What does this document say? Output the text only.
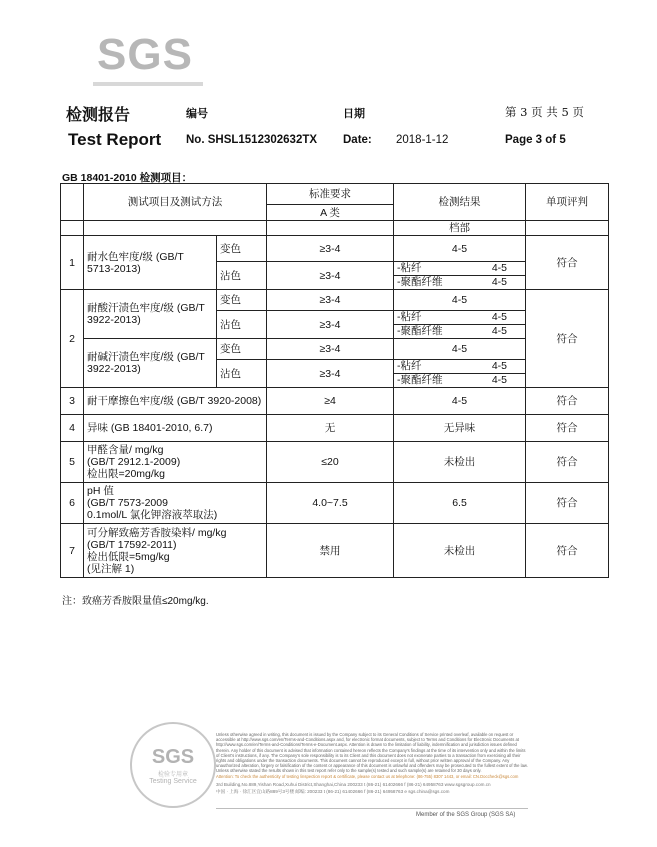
SGS
检测报告	编号	日期	第 3 页 共 5 页
Test Report No. SHSL1512302632TX Date: 2018-1-12	Page 3 of 5
GB 18401-2010 检测项目：
	测试项目及测试方法		标准要求	检测结果	单项评判
			A 类		
				档部	
1	耐水色牢度/级 (GB/T 5713-2013)	变色	≥3-4	4-5	符合
		沾色	≥3-4	-粘纤 4-5
-聚酯纤维 4-5	

2	耐酸汗渍色牢度/级 (GB/T 3922-2013)	变色	≥3-4	4-5	符合
		沾色	≥3-4	-粘纤 4-5
-聚酯纤维 4-5	

	耐碱汗渍色牢度/级 (GB/T 3922-2013)	变色	≥3-4	4-5	
		沾色	≥3-4	-粘纤 4-5
-聚酯纤维 4-5	

3	耐干摩擦色牢度/级 (GB/T 3920-2008)		≥4	4-5	符合
4	异味 (GB 18401-2010, 6.7)		无	无异味	符合
5	甲醛含量/ mg/kg
(GB/T 2912.1-2009)
检出限=20mg/kg		≤20	未检出	符合
6	pH 值
(GB/T 7573-2009
0.1mol/L 氯化钾溶液萃取法)		4.0~7.5	6.5	符合
7	可分解致癌芳香胺染料/ mg/kg
(GB/T 17592-2011)
检出低限=5mg/kg
(见注解 1)		禁用	未检出	符合
注：致癌芳香胺限量值≤20mg/kg.
SGS
检验专用章
Testing Service
Unless otherwise agreed in writing, this document is issued by the Company subject to its General Conditions of Service printed overleaf, available on request or accessible at http://www.sgs.com/en/Terms-and-Conditions.aspx and, for electronic format documents, subject to Terms and Conditions for Electronic Documents at http://www.sgs.com/en/Terms-and-Conditions/Terms-e-Document.aspx. Attention is drawn to the limitation of liability, indemnification and jurisdiction issues defined therein. Any holder of this document is advised that information contained hereon reflects the Company's findings at the time of its intervention only and within the limits of Client's instructions, if any. The Company's sole responsibility is to its Client and this document does not exonerate parties to a transaction from exercising all their rights and obligations under the transaction documents. This document cannot be reproduced except in full, without prior written approval of the Company. Any unauthorized alteration, forgery or falsification of the content or appearance of this document is unlawful and offenders may be prosecuted to the fullest extent of the law. Unless otherwise stated the results shown in this test report refer only to the sample(s) tested and such sample(s) are retained for 30 days only.
Attention: To check the authenticity of testing /inspection report & certificate, please contact us at telephone: (86-755) 8307 1443, or email: CN.Doccheck@sgs.com
3rd Building,No.889,Yishan Road,Xuhui District,Shanghai,China 200233 t (86-21) 61402666 f (86-21) 64958763 www.sgsgroup.com.cn
中国 · 上海 · 徐汇区宜山路889号3号楼 邮编: 200233 t (86-21) 61402666 f (86-21) 64958763 e sgs.china@sgs.com
Member of the SGS Group (SGS SA)
